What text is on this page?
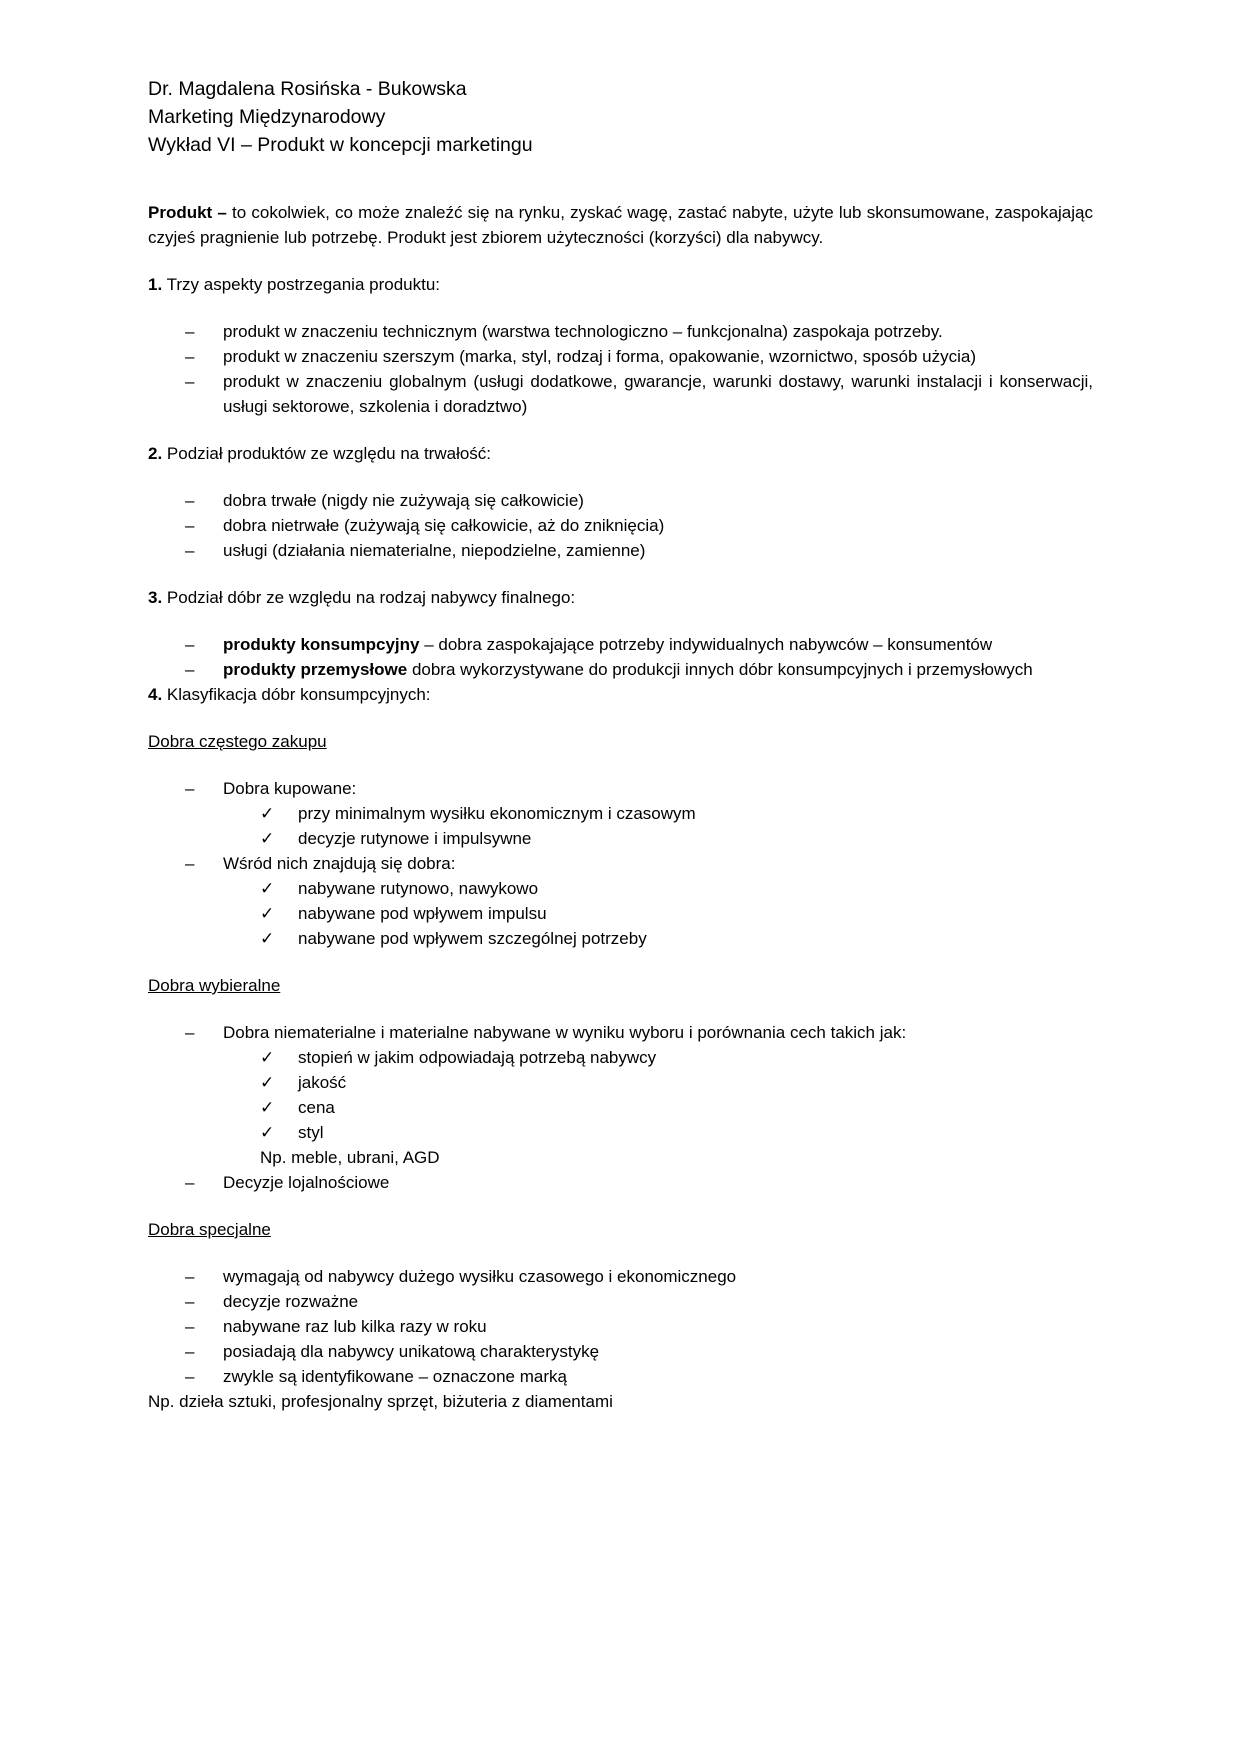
Dr. Magdalena Rosińska - Bukowska
Marketing Międzynarodowy
Wykład VI – Produkt w koncepcji marketingu

Produkt – to cokolwiek, co może znaleźć się na rynku, zyskać wagę, zastać nabyte, użyte lub skonsumowane, zaspokajając czyjeś pragnienie lub potrzebę. Produkt jest zbiorem użyteczności (korzyści) dla nabywcy.

1. Trzy aspekty postrzegania produktu:

– produkt w znaczeniu technicznym (warstwa technologiczno – funkcjonalna) zaspokaja potrzeby.
– produkt w znaczeniu szerszym (marka, styl, rodzaj i forma, opakowanie, wzornictwo, sposób użycia)
– produkt w znaczeniu globalnym (usługi dodatkowe, gwarancje, warunki dostawy, warunki instalacji i konserwacji, usługi sektorowe, szkolenia i doradztwo)

2. Podział produktów ze względu na trwałość:

– dobra trwałe (nigdy nie zużywają się całkowicie)
– dobra nietrwałe (zużywają się całkowicie, aż do zniknięcia)
– usługi (działania niematerialne, niepodzielne, zamienne)

3. Podział dóbr ze względu na rodzaj nabywcy finalnego:

– produkty konsumpcyjny – dobra zaspokajające potrzeby indywidualnych nabywców – konsumentów
– produkty przemysłowe dobra wykorzystywane do produkcji innych dóbr konsumpcyjnych i przemysłowych

4. Klasyfikacja dóbr konsumpcyjnych:

Dobra częstego zakupu

– Dobra kupowane:
✓ przy minimalnym wysiłku ekonomicznym i czasowym
✓ decyzje rutynowe i impulsywne
– Wśród nich znajdują się dobra:
✓ nabywane rutynowo, nawykowo
✓ nabywane pod wpływem impulsu
✓ nabywane pod wpływem szczególnej potrzeby

Dobra wybieralne

– Dobra niematerialne i materialne nabywane w wyniku wyboru i porównania cech takich jak:
✓ stopień w jakim odpowiadają potrzebą nabywcy
✓ jakość
✓ cena
✓ styl
Np. meble, ubrani, AGD
– Decyzje lojalnościowe

Dobra specjalne

– wymagają od nabywcy dużego wysiłku czasowego i ekonomicznego
– decyzje rozważne
– nabywane raz lub kilka razy w roku
– posiadają dla nabywcy unikatową charakterystykę
– zwykle są identyfikowane – oznaczone marką

Np. dzieła sztuki, profesjonalny sprzęt, biżuteria z diamentami
